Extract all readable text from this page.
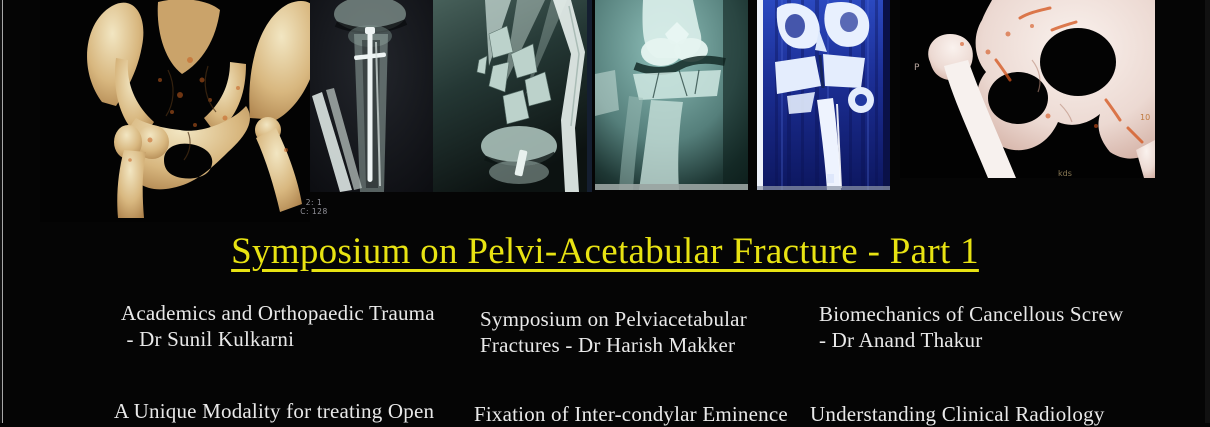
P
10
kds
2: 1
C: 128
Symposium on Pelvi-Acetabular Fracture - Part 1
Academics and Orthopaedic Trauma
- Dr Sunil Kulkarni
Symposium on Pelviacetabular
Fractures - Dr Harish Makker
Biomechanics of Cancellous Screw
- Dr Anand Thakur
A Unique Modality for treating Open	Fixation of Inter-condylar Eminence	Understanding Clinical Radiology
